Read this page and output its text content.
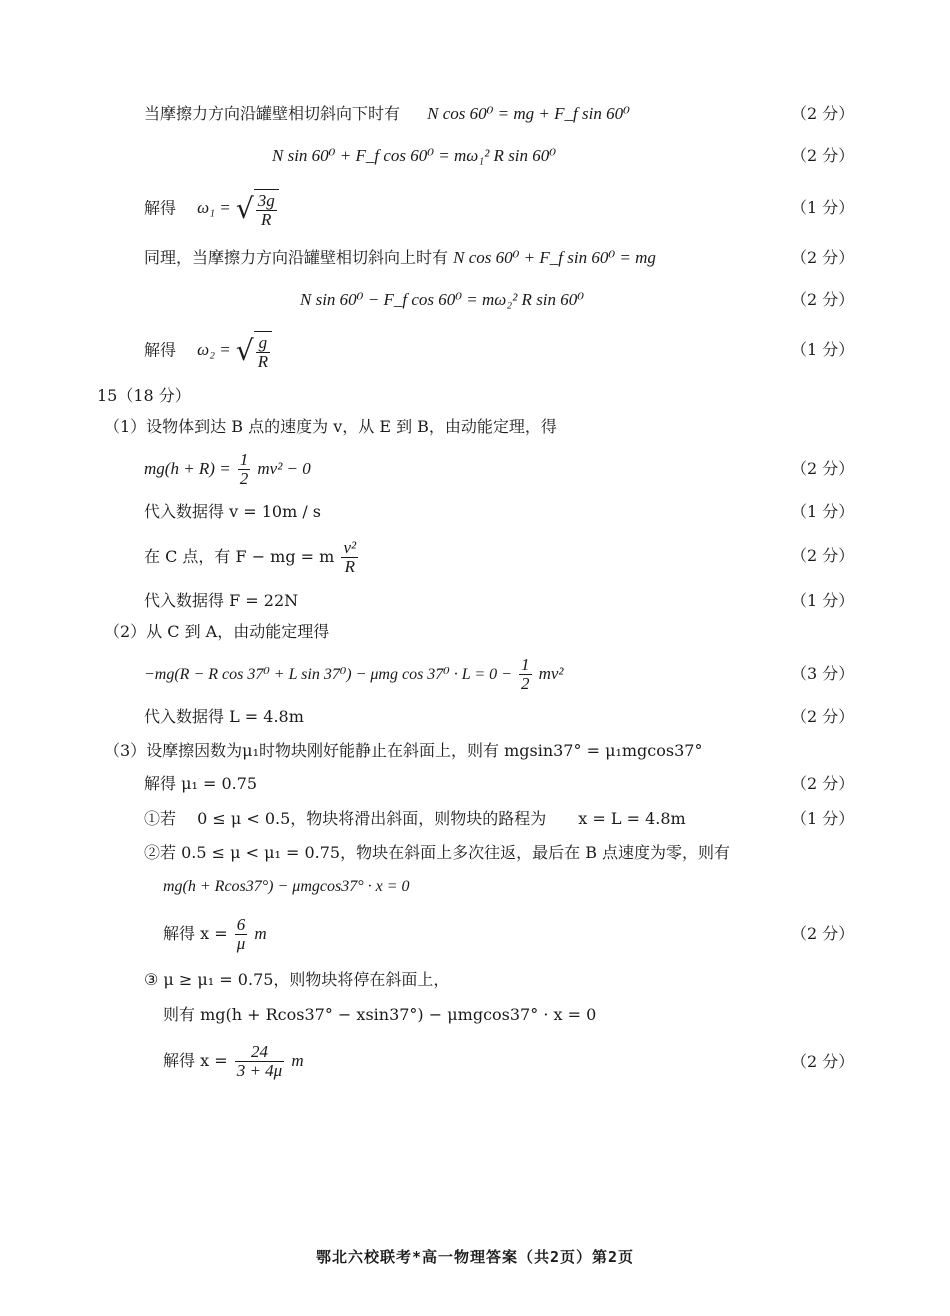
当摩擦力方向沿罐壁相切斜向下时有 N cos 60⁰ = mg + F_f sin 60⁰	（2 分）
N sin 60⁰ + F_f cos 60⁰ = mω₁² R sin 60⁰	（2 分）
解得 ω₁ = √ $\frac{3g}{R}$	（1 分）
同理，当摩擦力方向沿罐壁相切斜向上时有 N cos 60⁰ + F_f sin 60⁰ = mg	（2 分）
N sin 60⁰ − F_f cos 60⁰ = mω₂² R sin 60⁰	（2 分）
解得 ω₂ = √ $\frac{g}{R}$	（1 分）
15（18 分）
（1）设物体到达 B 点的速度为 v，从 E 到 B，由动能定理，得
$mg(h + R) = \frac{1}{2} mv^2 - 0$	（2 分）
代入数据得 v = 10m / s	（1 分）
在 C 点，有 F − mg = m $\frac{\text{v²}}{R}$	（2 分）
代入数据得 F = 22N	（1 分）
（2）从 C 到 A，由动能定理得
−mg(R − R cos 37⁰ + L sin 37⁰) − μmg $\cos 37^0 \cdot L = 0 - \frac{1}{2} mv^2$	（3 分）
代入数据得 L = 4.8m	（2 分）
（3）设摩擦因数为μ₁时物块刚好能静止在斜面上，则有 mgsin37° = μ₁mgcos37°
解得 μ₁ = 0.75	（2 分）
①若　 0 ≤ μ < 0.5，物块将滑出斜面，则物块的路程为　　x = L = 4.8m	（1 分）
②若 0.5 ≤ μ < μ₁ = 0.75，物块在斜面上多次往返，最后在 B 点速度为零，则有
mg(h + Rcos37°) − μmgcos37° · x = 0
解得 $x = \frac{6}{\mu}$ m	（2 分）
③ μ ≥ μ₁ = 0.75，则物块将停在斜面上，
则有 mg(h + Rcos37° − xsin37°) − μmgcos37° · x = 0
解得 $x = \frac{24}{3 + 4\mu}$ m	（2 分）
鄂北六校联考*高一物理答案（共2页）第2页
